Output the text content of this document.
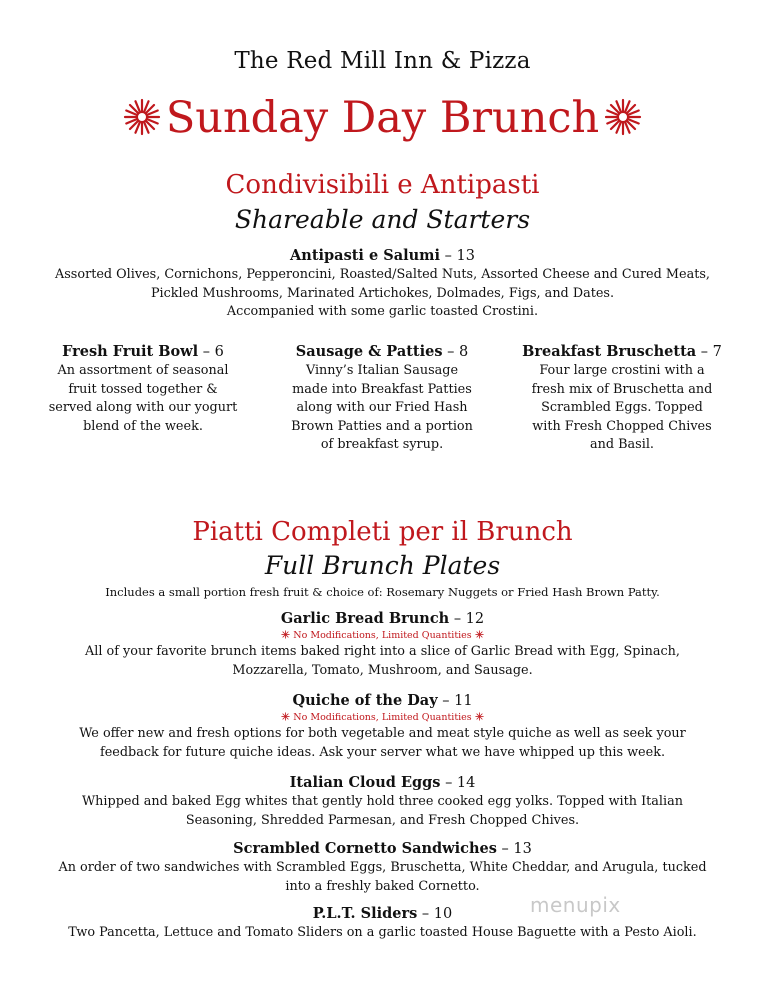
The Red Mill Inn & Pizza
Sunday Day Brunch
Condivisibili e Antipasti
Shareable and Starters
Antipasti e Salumi – 13
Assorted Olives, Cornichons, Pepperoncini, Roasted/Salted Nuts, Assorted Cheese and Cured Meats,
Pickled Mushrooms, Marinated Artichokes, Dolmades, Figs, and Dates.
Accompanied with some garlic toasted Crostini.
Fresh Fruit Bowl – 6
An assortment of seasonal
fruit tossed together &
served along with our yogurt
blend of the week.
Sausage & Patties – 8
Vinny’s Italian Sausage
made into Breakfast Patties
along with our Fried Hash
Brown Patties and a portion
of breakfast syrup.
Breakfast Bruschetta – 7
Four large crostini with a
fresh mix of Bruschetta and
Scrambled Eggs. Topped
with Fresh Chopped Chives
and Basil.
Piatti Completi per il Brunch
Full Brunch Plates
Includes a small portion fresh fruit & choice of: Rosemary Nuggets or Fried Hash Brown Patty.
Garlic Bread Brunch – 12
No Modifications, Limited Quantities
All of your favorite brunch items baked right into a slice of Garlic Bread with Egg, Spinach,
Mozzarella, Tomato, Mushroom, and Sausage.
Quiche of the Day – 11
No Modifications, Limited Quantities
We offer new and fresh options for both vegetable and meat style quiche as well as seek your
feedback for future quiche ideas. Ask your server what we have whipped up this week.
Italian Cloud Eggs – 14
Whipped and baked Egg whites that gently hold three cooked egg yolks. Topped with Italian
Seasoning, Shredded Parmesan, and Fresh Chopped Chives.
Scrambled Cornetto Sandwiches – 13
An order of two sandwiches with Scrambled Eggs, Bruschetta, White Cheddar, and Arugula, tucked
into a freshly baked Cornetto.
P.L.T. Sliders – 10
Two Pancetta, Lettuce and Tomato Sliders on a garlic toasted House Baguette with a Pesto Aioli.
menupix
